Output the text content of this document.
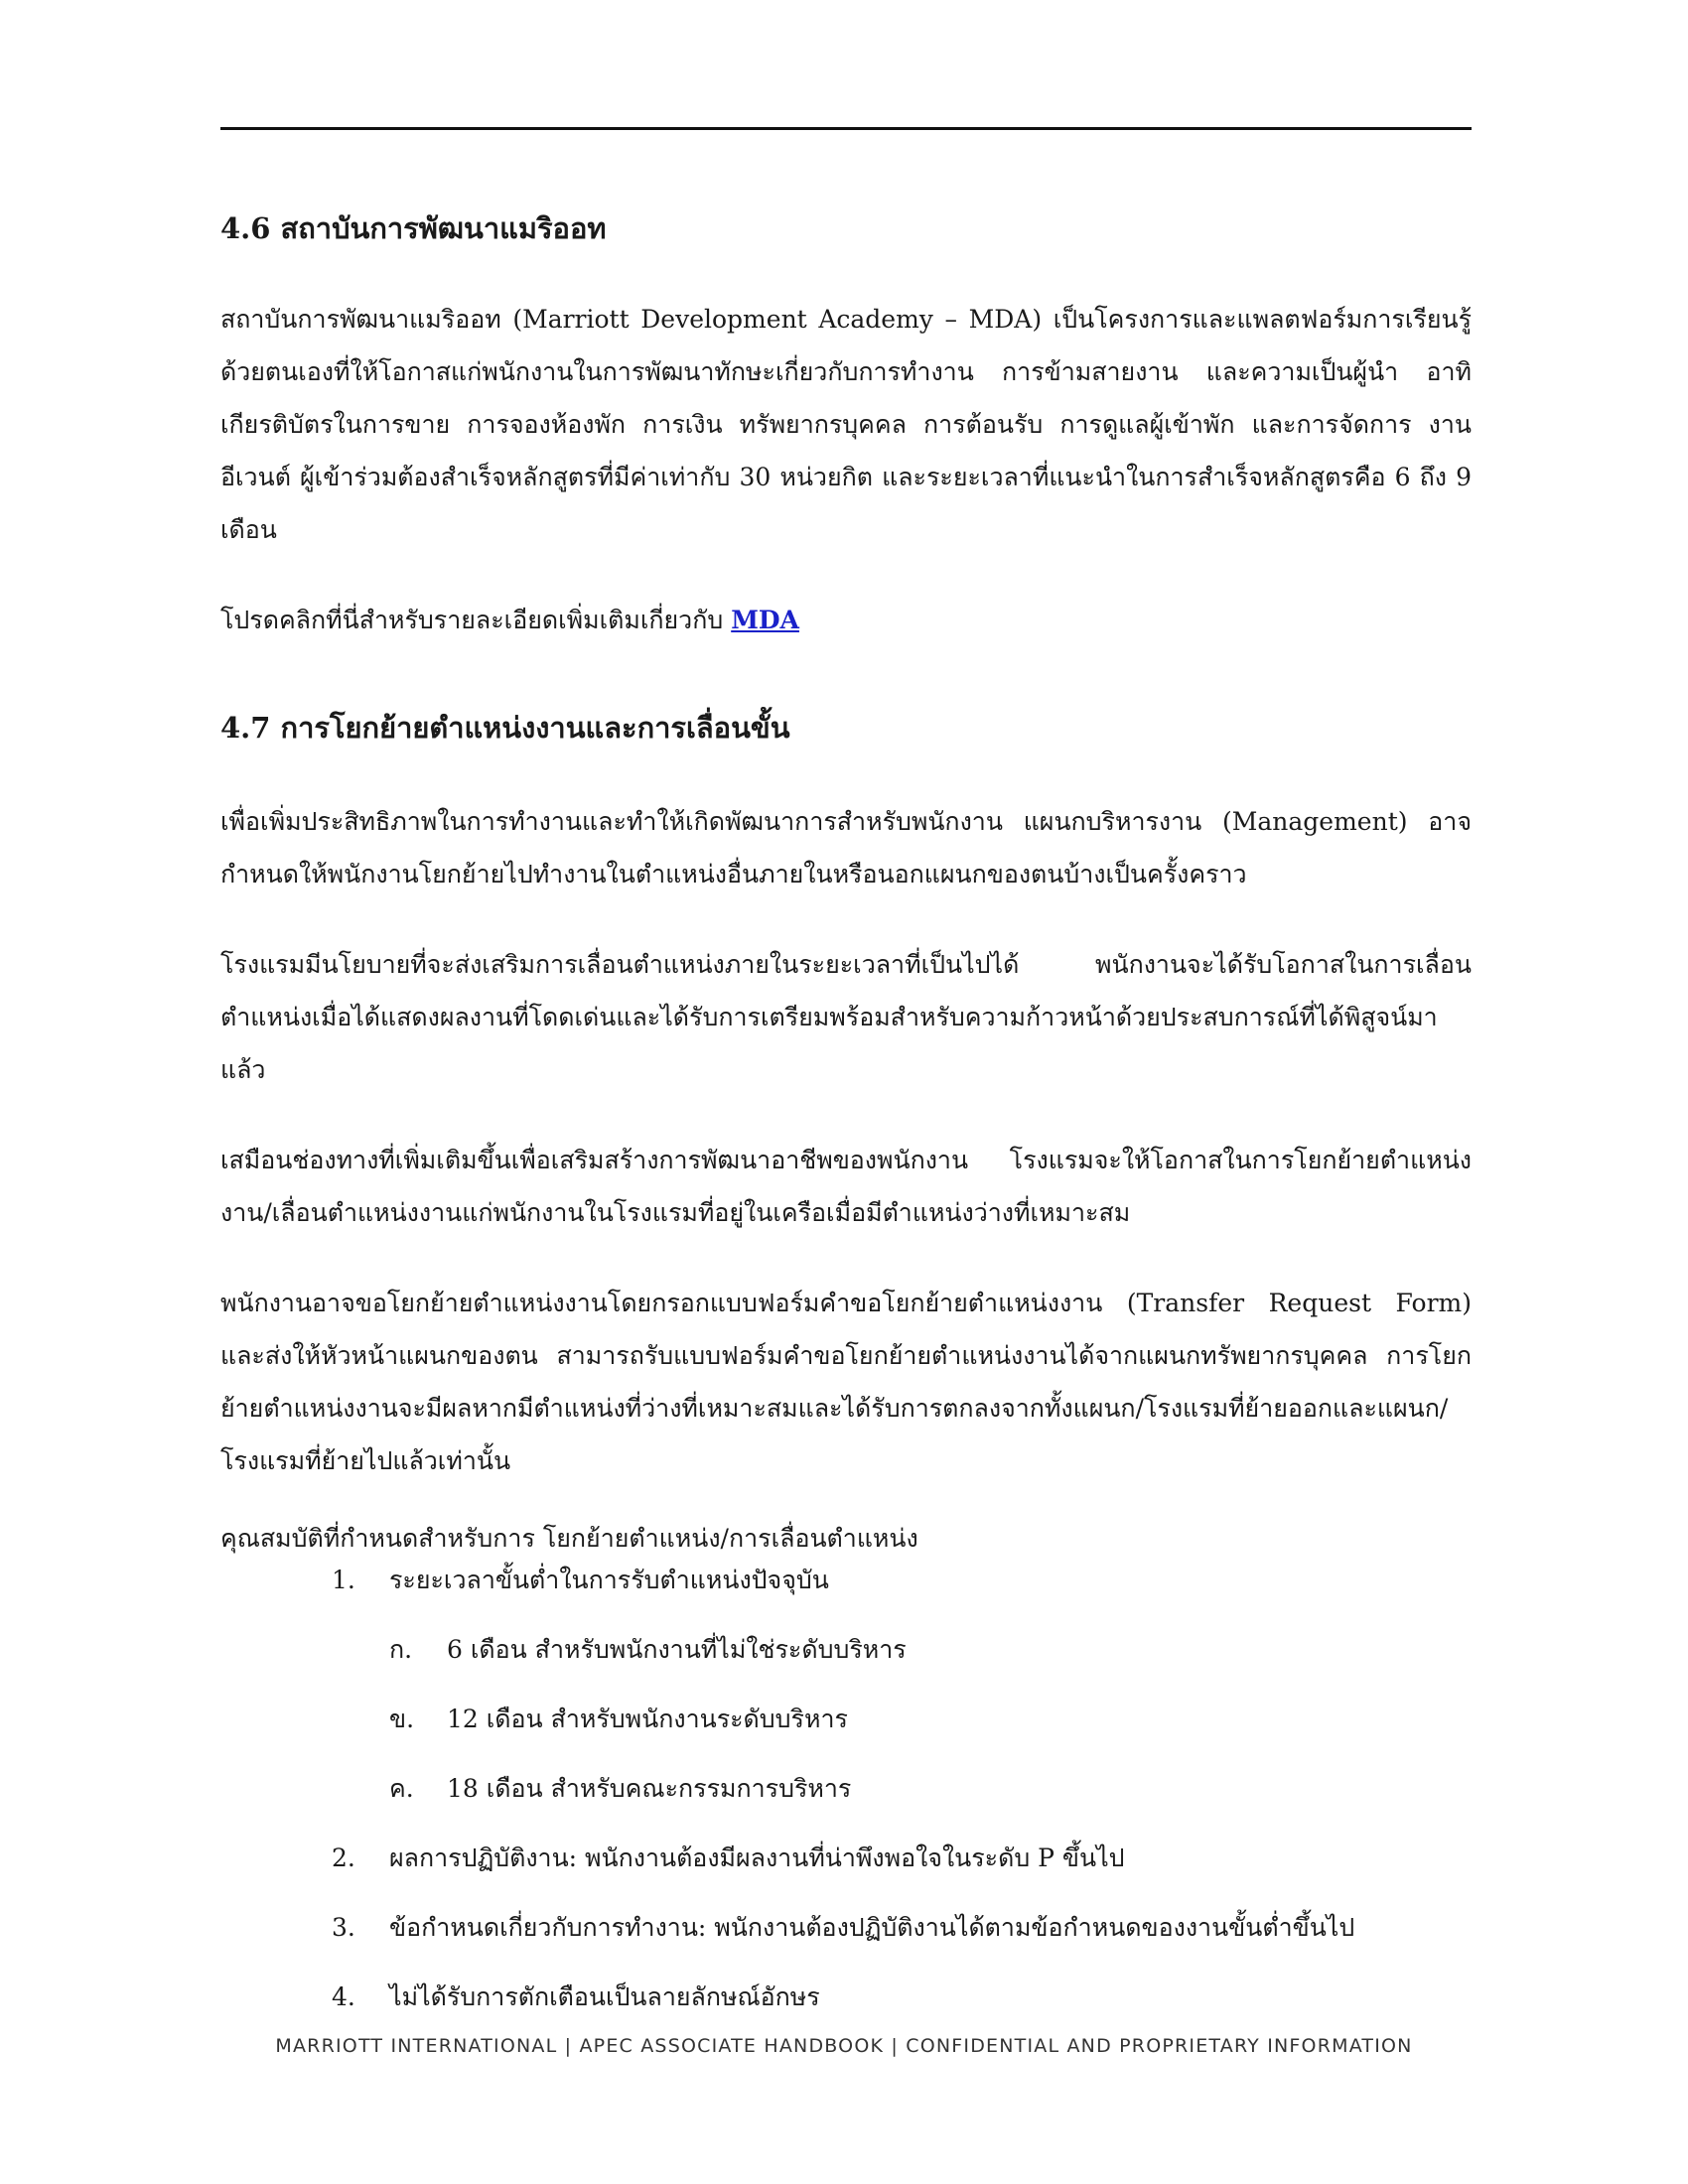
4.6 สถาบันการพัฒนาแมริออท

สถาบันการพัฒนาแมริออท (Marriott Development Academy – MDA) เป็นโครงการและแพลตฟอร์มการเรียนรู้ด้วยตนเองที่ให้โอกาสแก่พนักงานในการพัฒนาทักษะเกี่ยวกับการทำงาน การข้ามสายงาน และความเป็นผู้นำ อาทิ เกียรติบัตรในการขาย การจองห้องพัก การเงิน ทรัพยากรบุคคล การต้อนรับ การดูแลผู้เข้าพัก และการจัดการ งานอีเวนต์ ผู้เข้าร่วมต้องสำเร็จหลักสูตรที่มีค่าเท่ากับ 30 หน่วยกิต และระยะเวลาที่แนะนำในการสำเร็จหลักสูตรคือ 6 ถึง 9 เดือน

โปรดคลิกที่นี่สำหรับรายละเอียดเพิ่มเติมเกี่ยวกับ MDA

4.7 การโยกย้ายตำแหน่งงานและการเลื่อนขั้น

เพื่อเพิ่มประสิทธิภาพในการทำงานและทำให้เกิดพัฒนาการสำหรับพนักงาน แผนกบริหารงาน (Management) อาจกำหนดให้พนักงานโยกย้ายไปทำงานในตำแหน่งอื่นภายในหรือนอกแผนกของตนบ้างเป็นครั้งคราว

โรงแรมมีนโยบายที่จะส่งเสริมการเลื่อนตำแหน่งภายในระยะเวลาที่เป็นไปได้ พนักงานจะได้รับโอกาสในการเลื่อนตำแหน่งเมื่อได้แสดงผลงานที่โดดเด่นและได้รับการเตรียมพร้อมสำหรับความก้าวหน้าด้วยประสบการณ์ที่ได้พิสูจน์มาแล้ว

เสมือนช่องทางที่เพิ่มเติมขึ้นเพื่อเสริมสร้างการพัฒนาอาชีพของพนักงาน โรงแรมจะให้โอกาสในการโยกย้ายตำแหน่งงาน/เลื่อนตำแหน่งงานแก่พนักงานในโรงแรมที่อยู่ในเครือเมื่อมีตำแหน่งว่างที่เหมาะสม

พนักงานอาจขอโยกย้ายตำแหน่งงานโดยกรอกแบบฟอร์มคำขอโยกย้ายตำแหน่งงาน (Transfer Request Form) และส่งให้หัวหน้าแผนกของตน สามารถรับแบบฟอร์มคำขอโยกย้ายตำแหน่งงานได้จากแผนกทรัพยากรบุคคล การโยกย้ายตำแหน่งงานจะมีผลหากมีตำแหน่งที่ว่างที่เหมาะสมและได้รับการตกลงจากทั้งแผนก/โรงแรมที่ย้ายออกและแผนก/โรงแรมที่ย้ายไปแล้วเท่านั้น

คุณสมบัติที่กำหนดสำหรับการ โยกย้ายตำแหน่ง/การเลื่อนตำแหน่ง

1. ระยะเวลาขั้นต่ำในการรับตำแหน่งปัจจุบัน
ก. 6 เดือน สำหรับพนักงานที่ไม่ใช่ระดับบริหาร
ข. 12 เดือน สำหรับพนักงานระดับบริหาร
ค. 18 เดือน สำหรับคณะกรรมการบริหาร
2. ผลการปฏิบัติงาน: พนักงานต้องมีผลงานที่น่าพึงพอใจในระดับ P ขึ้นไป
3. ข้อกำหนดเกี่ยวกับการทำงาน: พนักงานต้องปฏิบัติงานได้ตามข้อกำหนดของงานขั้นต่ำขึ้นไป
4. ไม่ได้รับการตักเตือนเป็นลายลักษณ์อักษร
MARRIOTT INTERNATIONAL | APEC ASSOCIATE HANDBOOK | CONFIDENTIAL AND PROPRIETARY INFORMATION
